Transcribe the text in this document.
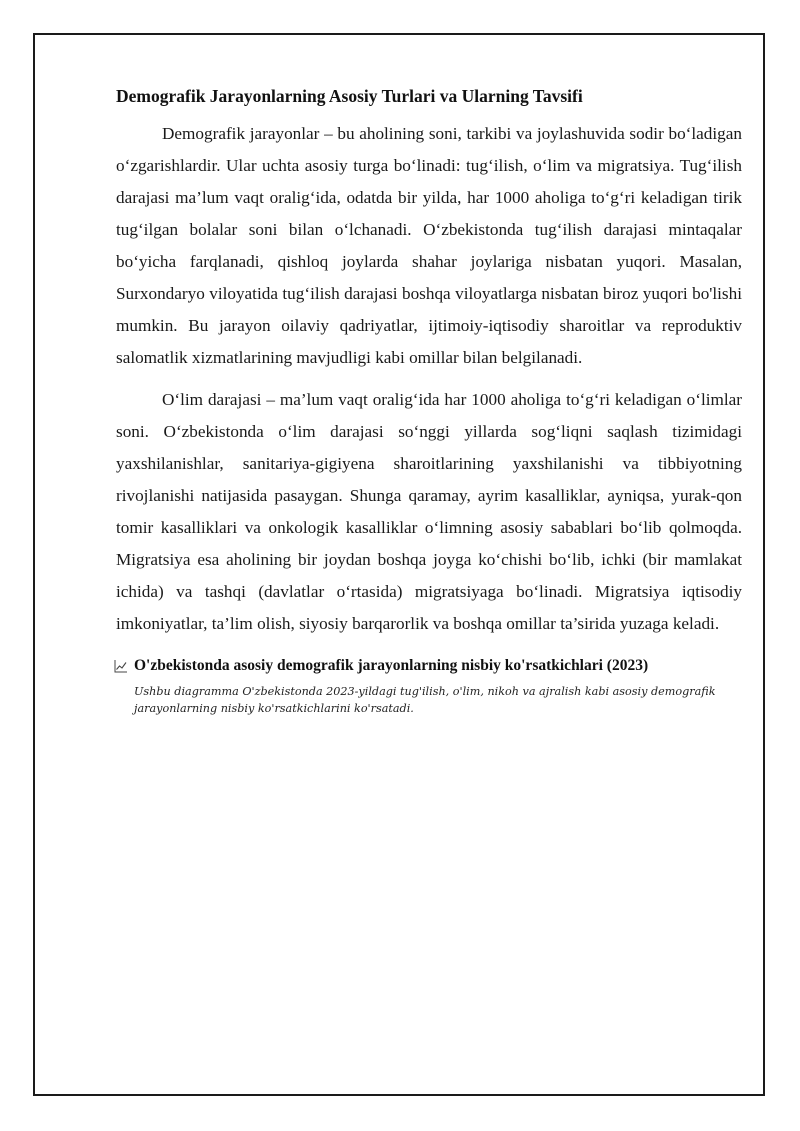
Demografik Jarayonlarning Asosiy Turlari va Ularning Tavsifi

Demografik jarayonlar – bu aholining soni, tarkibi va joylashuvida sodir bo‘ladigan o‘zgarishlardir. Ular uchta asosiy turga bo‘linadi: tug‘ilish, o‘lim va migratsiya. Tug‘ilish darajasi ma’lum vaqt oralig‘ida, odatda bir yilda, har 1000 aholiga to‘g‘ri keladigan tirik tug‘ilgan bolalar soni bilan o‘lchanadi. O‘zbekistonda tug‘ilish darajasi mintaqalar bo‘yicha farqlanadi, qishloq joylarda shahar joylariga nisbatan yuqori. Masalan, Surxondaryo viloyatida tug‘ilish darajasi boshqa viloyatlarga nisbatan biroz yuqori bo'lishi mumkin. Bu jarayon oilaviy qadriyatlar, ijtimoiy-iqtisodiy sharoitlar va reproduktiv salomatlik xizmatlarining mavjudligi kabi omillar bilan belgilanadi.

O‘lim darajasi – ma’lum vaqt oralig‘ida har 1000 aholiga to‘g‘ri keladigan o‘limlar soni. O‘zbekistonda o‘lim darajasi so‘nggi yillarda sog‘liqni saqlash tizimidagi yaxshilanishlar, sanitariya-gigiyena sharoitlarining yaxshilanishi va tibbiyotning rivojlanishi natijasida pasaygan. Shunga qaramay, ayrim kasalliklar, ayniqsa, yurak-qon tomir kasalliklari va onkologik kasalliklar o‘limning asosiy sabablari bo‘lib qolmoqda. Migratsiya esa aholining bir joydan boshqa joyga ko‘chishi bo‘lib, ichki (bir mamlakat ichida) va tashqi (davlatlar o‘rtasida) migratsiyaga bo‘linadi. Migratsiya iqtisodiy imkoniyatlar, ta’lim olish, siyosiy barqarorlik va boshqa omillar ta’sirida yuzaga keladi.

O'zbekistonda asosiy demografik jarayonlarning nisbiy ko'rsatkichlari (2023)
Ushbu diagramma O'zbekistonda 2023-yildagi tug'ilish, o'lim, nikoh va ajralish kabi asosiy demografik jarayonlarning nisbiy ko'rsatkichlarini ko'rsatadi.
